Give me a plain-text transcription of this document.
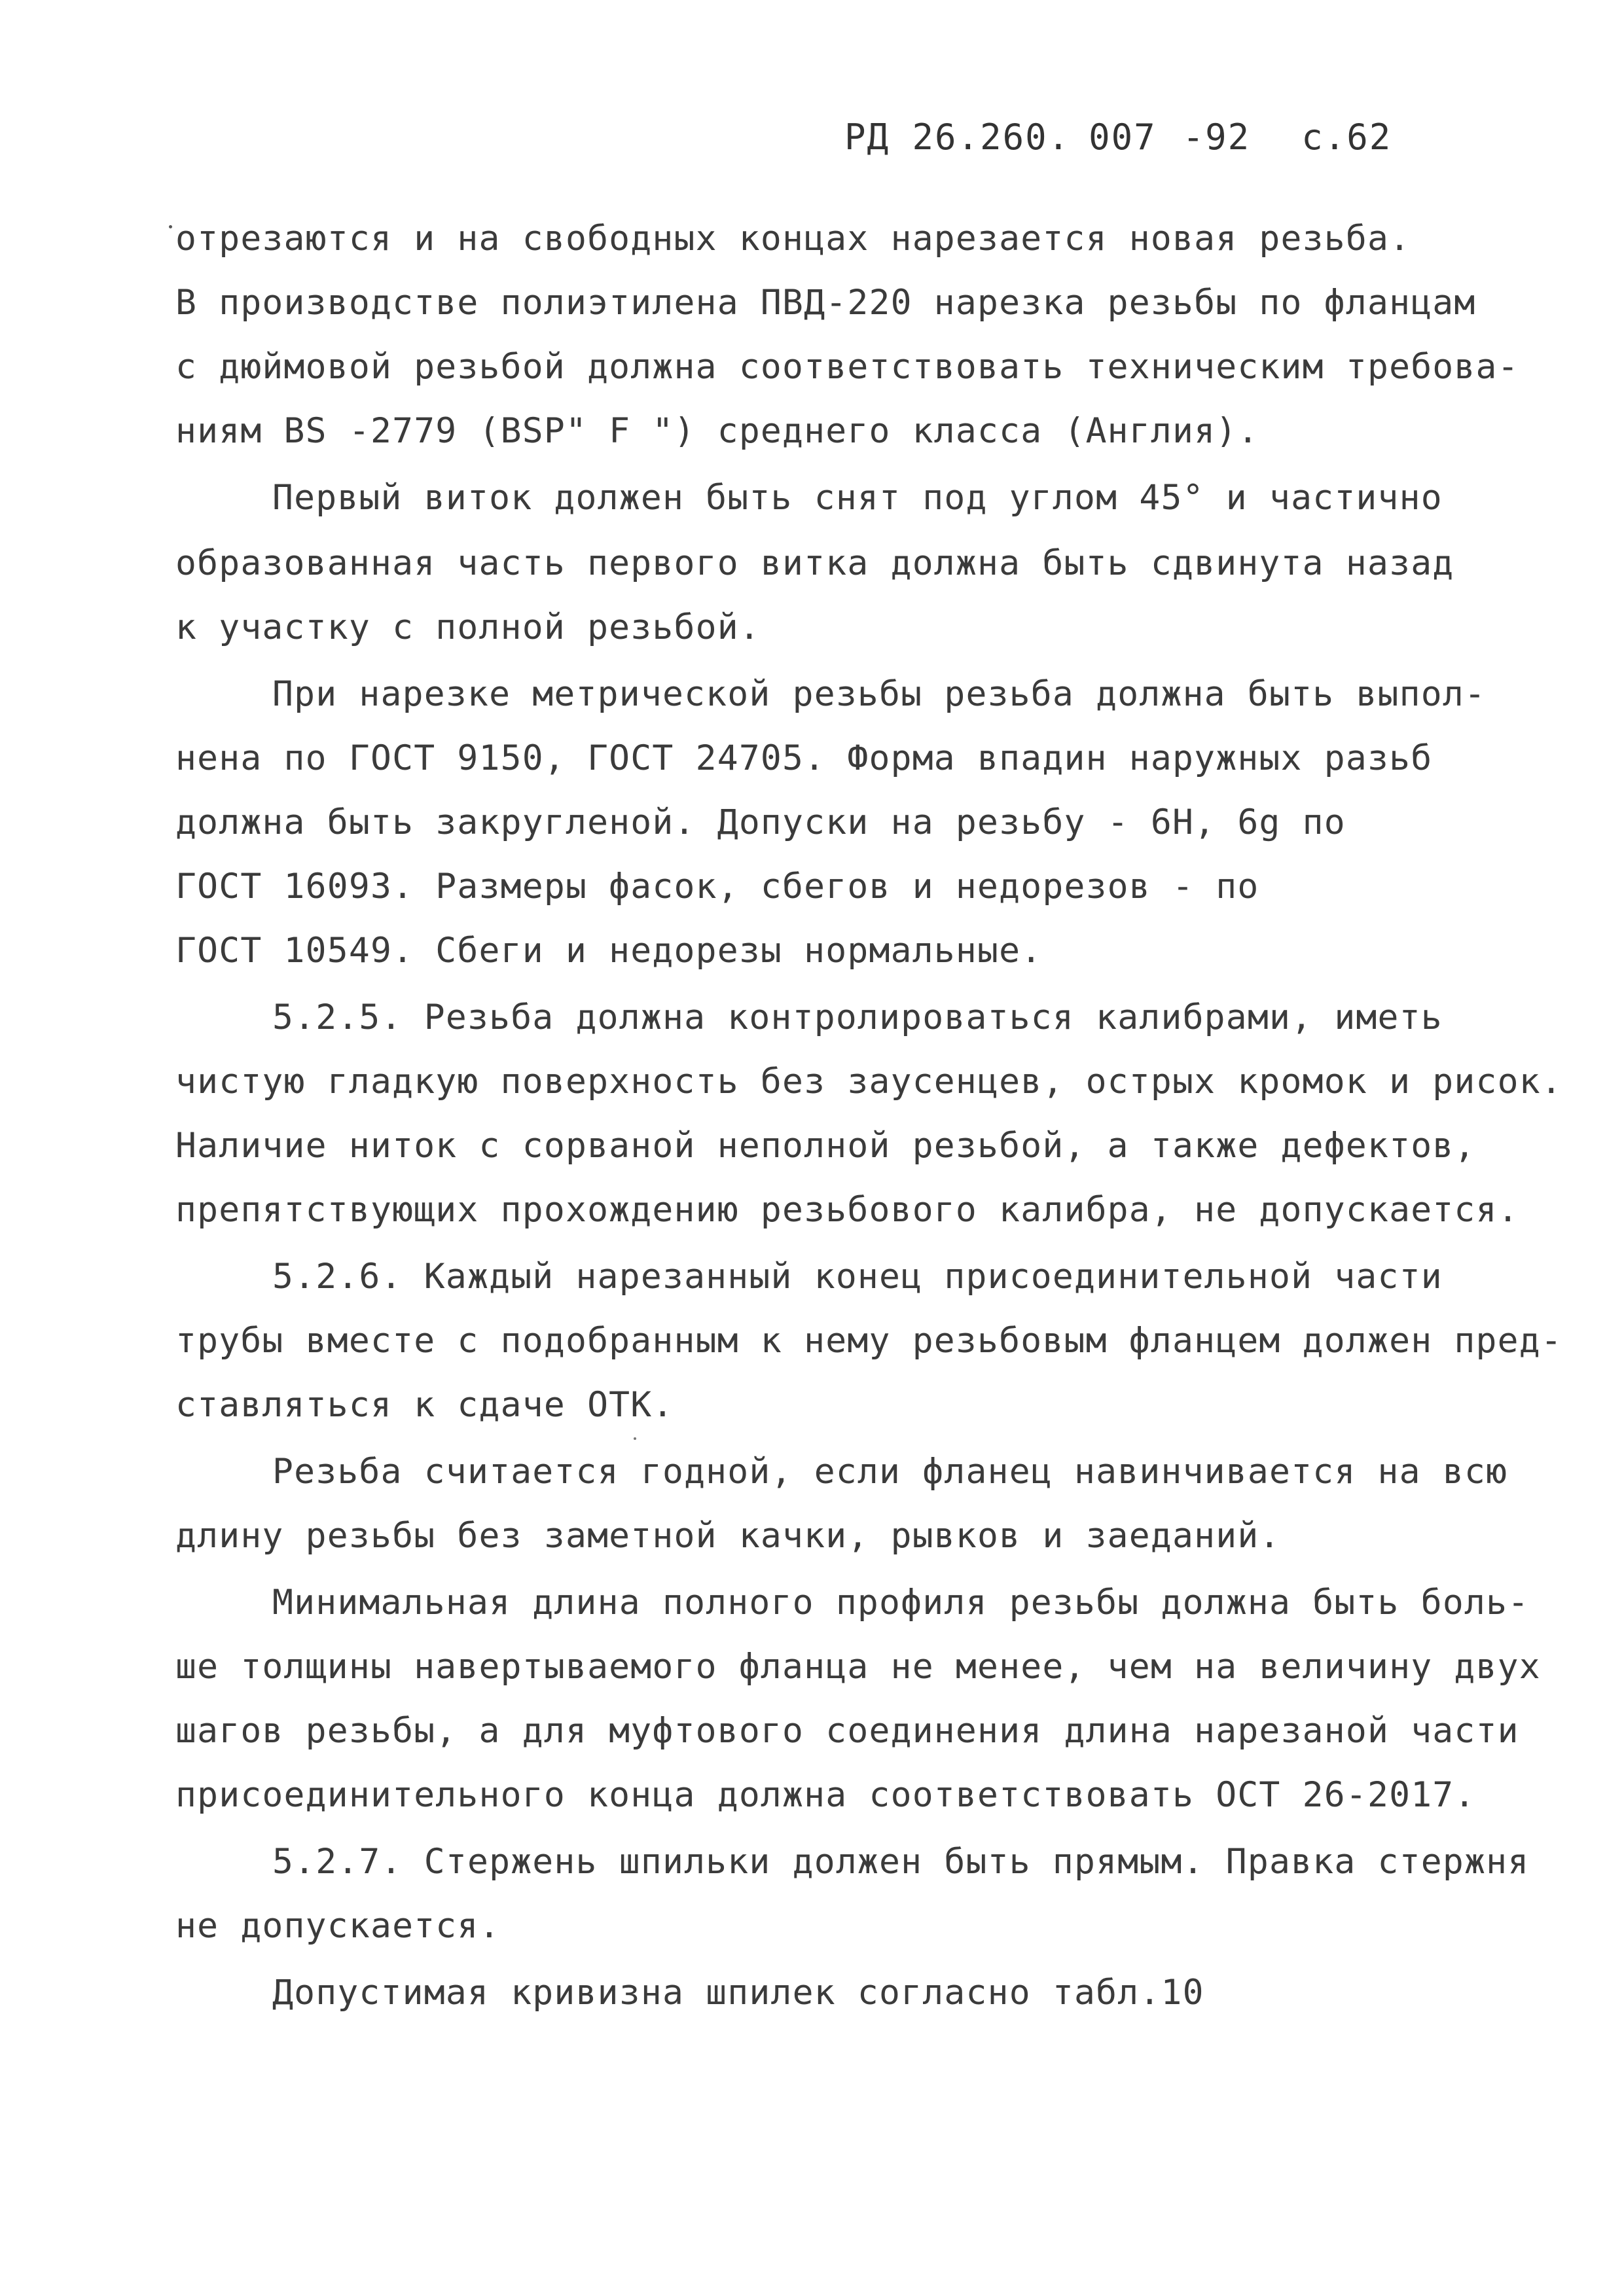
РД 26.260. 007 -92 с.62
отрезаются и на свободных концах нарезается новая резьба.
В производстве полиэтилена ПВД-220 нарезка резьбы по фланцам
с дюймовой резьбой должна соответствовать техническим требова-
ниям BS -2779 (BSP" F ") среднего класса (Англия).
Первый виток должен быть снят под углом 45° и частично
образованная часть первого витка должна быть сдвинута назад
к участку с полной резьбой.
При нарезке метрической резьбы резьба должна быть выпол-
нена по ГОСТ 9150, ГОСТ 24705. Форма впадин наружных разьб
должна быть закругленой. Допуски на резьбу - 6Н, 6g по
ГОСТ 16093. Размеры фасок, сбегов и недорезов - по
ГОСТ 10549. Сбеги и недорезы нормальные.
5.2.5. Резьба должна контролироваться калибрами, иметь
чистую гладкую поверхность без заусенцев, острых кромок и рисок.
Наличие ниток с сорваной неполной резьбой, а также дефектов,
препятствующих прохождению резьбового калибра, не допускается.
5.2.6. Каждый нарезанный конец присоединительной части
трубы вместе с подобранным к нему резьбовым фланцем должен пред-
ставляться к сдаче ОТК.
Резьба считается годной, если фланец навинчивается на всю
длину резьбы без заметной качки, рывков и заеданий.
Минимальная длина полного профиля резьбы должна быть боль-
ше толщины навертываемого фланца не менее, чем на величину двух
шагов резьбы, а для муфтового соединения длина нарезаной части
присоединительного конца должна соответствовать ОСТ 26-2017.
5.2.7. Стержень шпильки должен быть прямым. Правка стержня
не допускается.
Допустимая кривизна шпилек согласно табл.10
